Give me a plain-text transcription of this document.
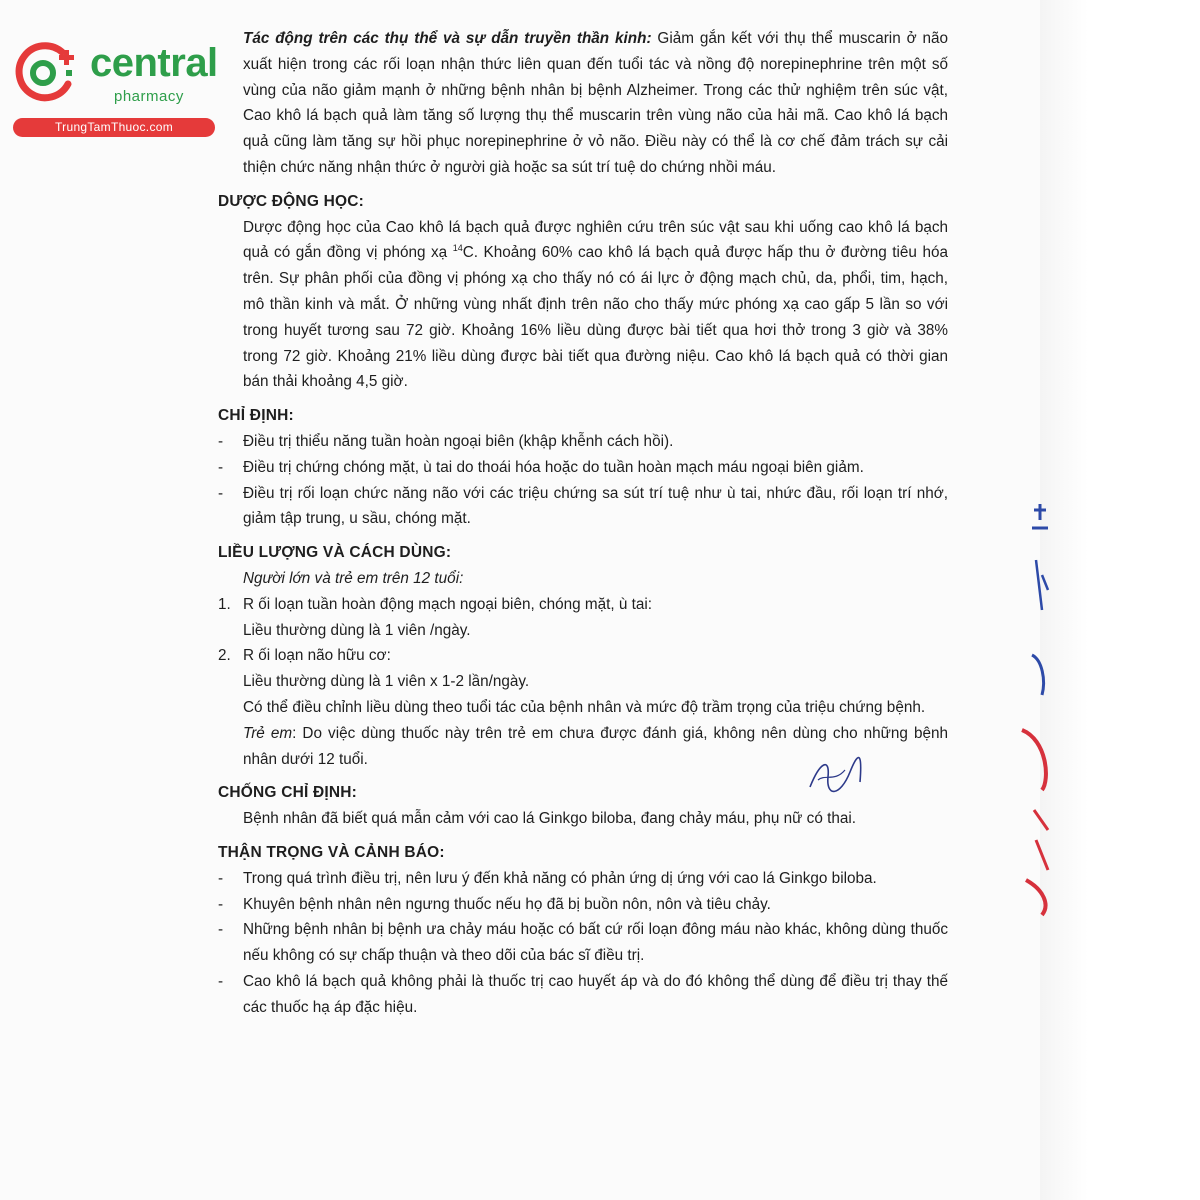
central
pharmacy
TrungTamThuoc.com

Tác động trên các thụ thể và sự dẫn truyền thần kinh: Giảm gắn kết với thụ thể muscarin ở não xuất hiện trong các rối loạn nhận thức liên quan đến tuổi tác và nồng độ norepinephrine trên một số vùng của não giảm mạnh ở những bệnh nhân bị bệnh Alzheimer. Trong các thử nghiệm trên súc vật, Cao khô lá bạch quả làm tăng số lượng thụ thể muscarin trên vùng não của hải mã. Cao khô lá bạch quả cũng làm tăng sự hồi phục norepinephrine ở vỏ não. Điều này có thể là cơ chế đảm trách sự cải thiện chức năng nhận thức ở người già hoặc sa sút trí tuệ do chứng nhồi máu.

DƯỢC ĐỘNG HỌC:

Dược động học của Cao khô lá bạch quả được nghiên cứu trên súc vật sau khi uống cao khô lá bạch quả có gắn đồng vị phóng xạ $^{14}$C. Khoảng 60% cao khô lá bạch quả được hấp thu ở đường tiêu hóa trên. Sự phân phối của đồng vị phóng xạ cho thấy nó có ái lực ở động mạch chủ, da, phổi, tim, hạch, mô thần kinh và mắt. Ở những vùng nhất định trên não cho thấy mức phóng xạ cao gấp 5 lần so với trong huyết tương sau 72 giờ. Khoảng 16% liều dùng được bài tiết qua hơi thở trong 3 giờ và 38% trong 72 giờ. Khoảng 21% liều dùng được bài tiết qua đường niệu. Cao khô lá bạch quả có thời gian bán thải khoảng 4,5 giờ.

CHỈ ĐỊNH:
-	Điều trị thiểu năng tuần hoàn ngoại biên (khập khễnh cách hồi).
-	Điều trị chứng chóng mặt, ù tai do thoái hóa hoặc do tuần hoàn mạch máu ngoại biên giảm.
-	Điều trị rối loạn chức năng não với các triệu chứng sa sút trí tuệ như ù tai, nhức đầu, rối loạn trí nhớ, giảm tập trung, u sầu, chóng mặt.
LIỀU LƯỢNG VÀ CÁCH DÙNG:

Người lớn và trẻ em trên 12 tuổi:

1. R ối loạn tuần hoàn động mạch ngoại biên, chóng mặt, ù tai:

Liều thường dùng là 1 viên /ngày.

2. R ối loạn não hữu cơ:

Liều thường dùng là 1 viên x 1-2 lần/ngày.

Có thể điều chỉnh liều dùng theo tuổi tác của bệnh nhân và mức độ trầm trọng của triệu chứng bệnh.

Trẻ em: Do việc dùng thuốc này trên trẻ em chưa được đánh giá, không nên dùng cho những bệnh nhân dưới 12 tuổi.

CHỐNG CHỈ ĐỊNH:

Bệnh nhân đã biết quá mẫn cảm với cao lá Ginkgo biloba, đang chảy máu, phụ nữ có thai.

THẬN TRỌNG VÀ CẢNH BÁO:
-	Trong quá trình điều trị, nên lưu ý đến khả năng có phản ứng dị ứng với cao lá Ginkgo biloba.
-	Khuyên bệnh nhân nên ngưng thuốc nếu họ đã bị buồn nôn, nôn và tiêu chảy.
-	Những bệnh nhân bị bệnh ưa chảy máu hoặc có bất cứ rối loạn đông máu nào khác, không dùng thuốc nếu không có sự chấp thuận và theo dõi của bác sĩ điều trị.
-	Cao khô lá bạch quả không phải là thuốc trị cao huyết áp và do đó không thể dùng để điều trị thay thế các thuốc hạ áp đặc hiệu.
